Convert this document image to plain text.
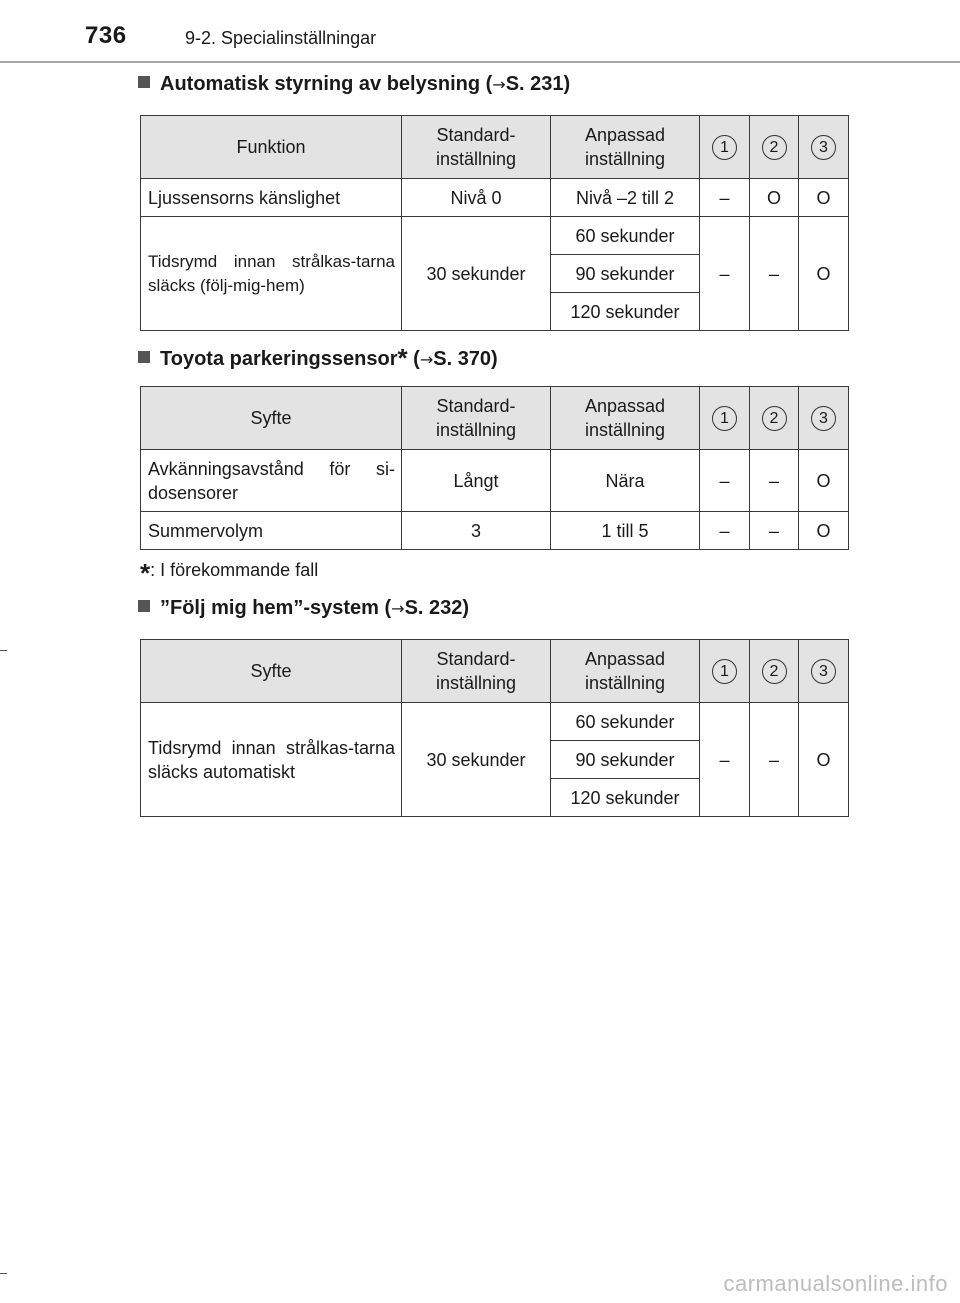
736	9-2. Specialinställningar
Automatisk styrning av belysning (→S. 231)
Funktion	Standard-inställning	Anpassad inställning	1	2	3
Ljussensorns känslighet	Nivå 0	Nivå –2 till 2	–	O	O
Tidsrymd innan strålkas-tarna släcks (följ-mig-hem)	30 sekunder	60 sekunder	–	–	O
		90 sekunder			
		120 sekunder			
Toyota parkeringssensor* (→S. 370)
Syfte	Standard-inställning	Anpassad inställning	1	2	3
Avkänningsavstånd för si-dosensorer	Långt	Nära	–	–	O
Summervolym	3	1 till 5	–	–	O
*: I förekommande fall
”Följ mig hem”-system (→S. 232)
Syfte	Standard-inställning	Anpassad inställning	1	2	3
Tidsrymd innan strålkas-tarna släcks automatiskt	30 sekunder	60 sekunder	–	–	O
		90 sekunder			
		120 sekunder			
carmanualsonline.info
